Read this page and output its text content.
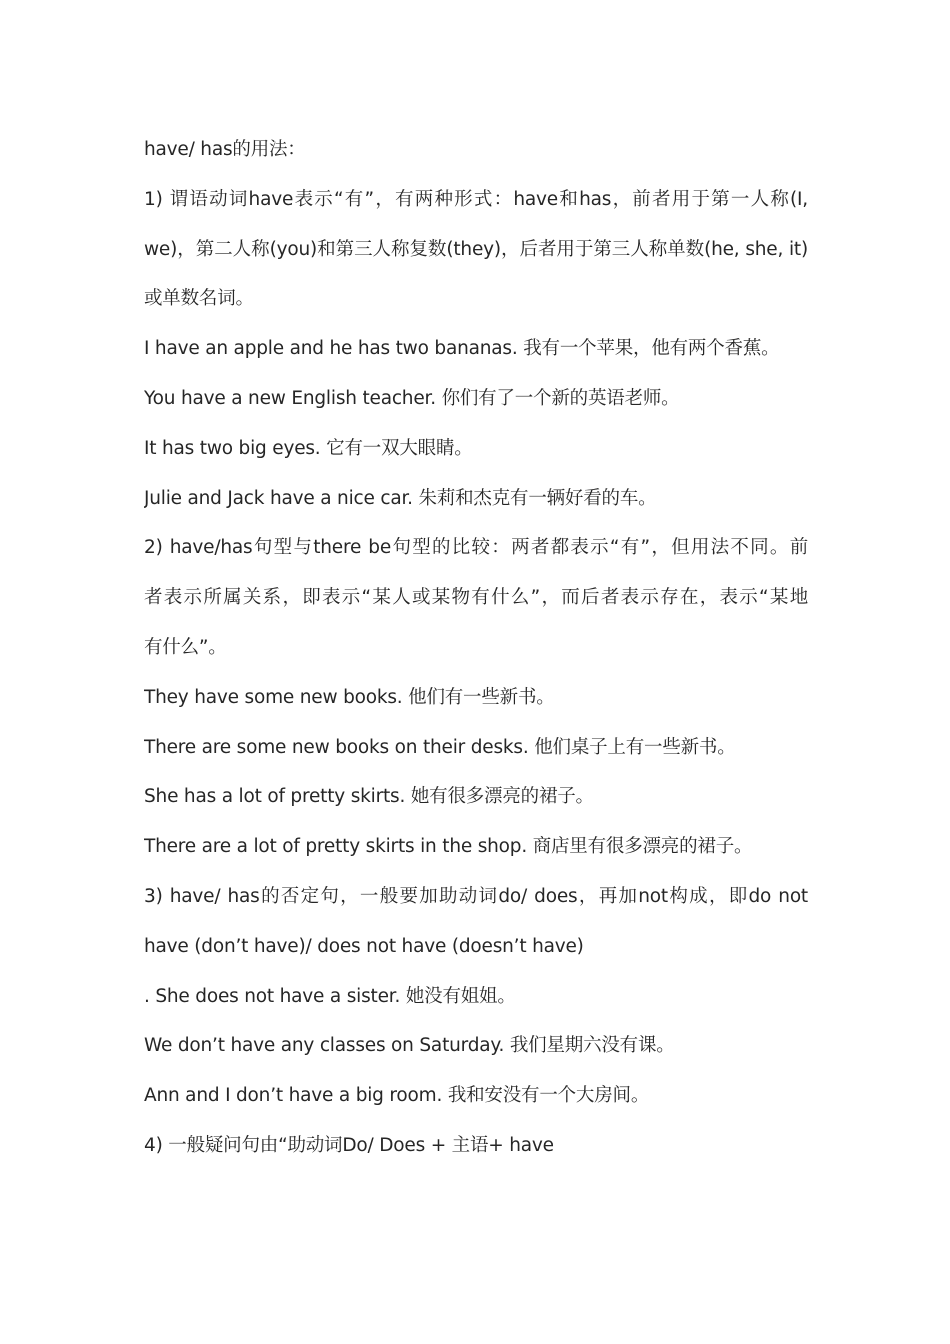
have/ has的用法：
1) 谓语动词have表示“有”，有两种形式：have和has，前者用于第一人称(I,
we)，第二人称(you)和第三人称复数(they)，后者用于第三人称单数(he, she, it)
或单数名词。
I have an apple and he has two bananas. 我有一个苹果，他有两个香蕉。
You have a new English teacher. 你们有了一个新的英语老师。
It has two big eyes. 它有一双大眼睛。
Julie and Jack have a nice car. 朱莉和杰克有一辆好看的车。
2) have/has句型与there be句型的比较：两者都表示“有”，但用法不同。前
者表示所属关系，即表示“某人或某物有什么”，而后者表示存在，表示“某地
有什么”。
They have some new books. 他们有一些新书。
There are some new books on their desks. 他们桌子上有一些新书。
She has a lot of pretty skirts. 她有很多漂亮的裙子。
There are a lot of pretty skirts in the shop. 商店里有很多漂亮的裙子。
3) have/ has的否定句，一般要加助动词do/ does，再加not构成，即do not
have (don’t have)/ does not have (doesn’t have)
. She does not have a sister. 她没有姐姐。
We don’t have any classes on Saturday. 我们星期六没有课。
Ann and I don’t have a big room. 我和安没有一个大房间。
4) 一般疑问句由“助动词Do/ Does + 主语+ have
